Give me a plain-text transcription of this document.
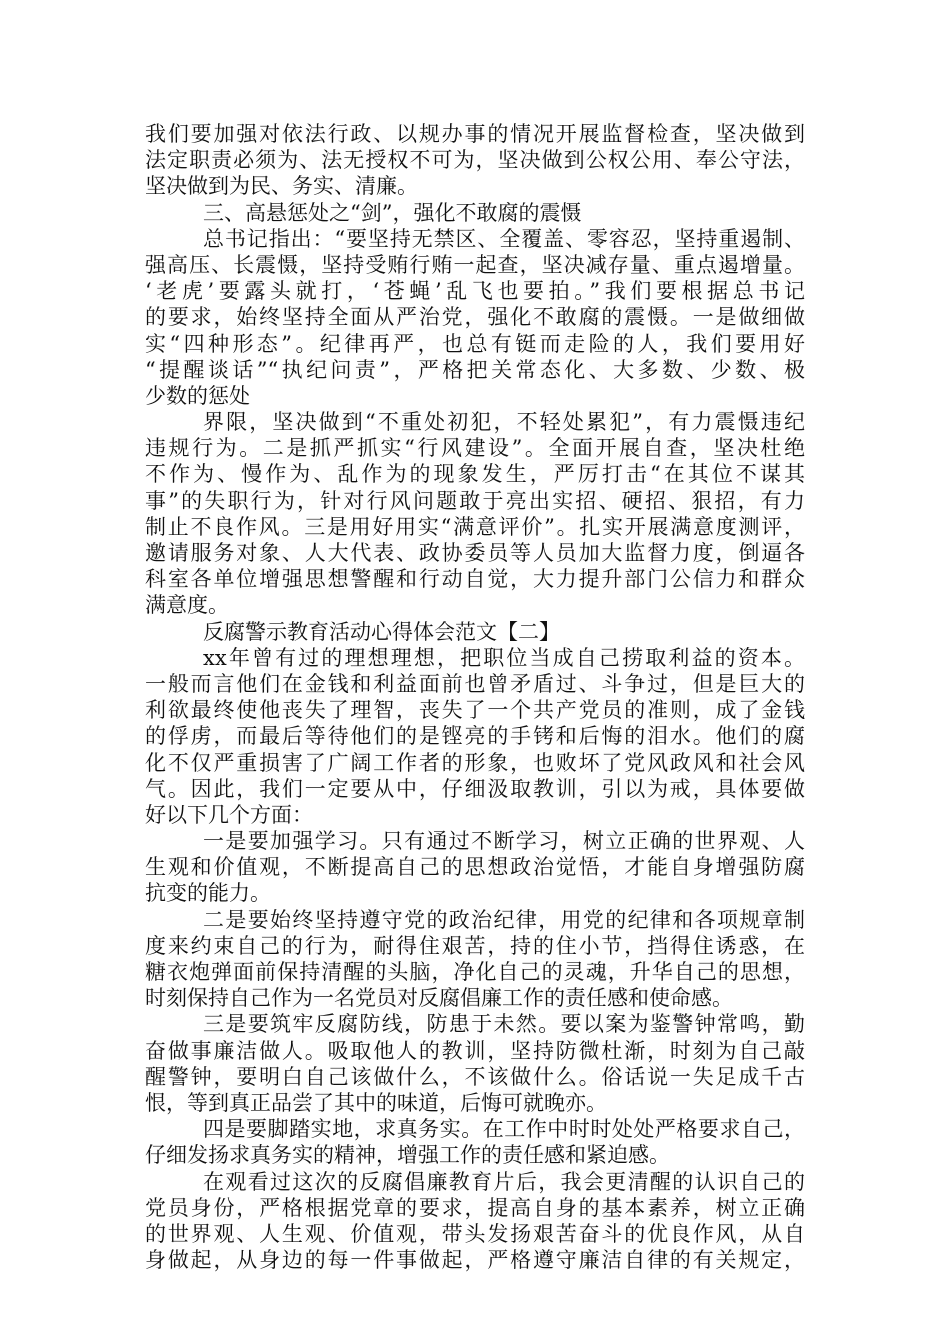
我们要加强对依法行政、以规办事的情况开展监督检查，坚决做到
法定职责必须为、法无授权不可为，坚决做到公权公用、奉公守法，
坚决做到为民、务实、清廉。
三、高悬惩处之“剑”，强化不敢腐的震慑
总书记指出：“要坚持无禁区、全覆盖、零容忍，坚持重遏制、
强高压、长震慑，坚持受贿行贿一起查，坚决减存量、重点遏增量。
‘老虎’要露头就打，‘苍蝇’乱飞也要拍。”我们要根据总书记
的要求，始终坚持全面从严治党，强化不敢腐的震慑。一是做细做
实“四种形态”。纪律再严，也总有铤而走险的人，我们要用好
“提醒谈话”“执纪问责”，严格把关常态化、大多数、少数、极
少数的惩处
界限，坚决做到“不重处初犯，不轻处累犯”，有力震慑违纪
违规行为。二是抓严抓实“行风建设”。全面开展自查，坚决杜绝
不作为、慢作为、乱作为的现象发生，严厉打击“在其位不谋其
事”的失职行为，针对行风问题敢于亮出实招、硬招、狠招，有力
制止不良作风。三是用好用实“满意评价”。扎实开展满意度测评，
邀请服务对象、人大代表、政协委员等人员加大监督力度，倒逼各
科室各单位增强思想警醒和行动自觉，大力提升部门公信力和群众
满意度。
反腐警示教育活动心得体会范文【二】
xx年曾有过的理想理想，把职位当成自己捞取利益的资本。
一般而言他们在金钱和利益面前也曾矛盾过、斗争过，但是巨大的
利欲最终使他丧失了理智，丧失了一个共产党员的准则，成了金钱
的俘虏，而最后等待他们的是铿亮的手铐和后悔的泪水。他们的腐
化不仅严重损害了广阔工作者的形象，也败坏了党风政风和社会风
气。因此，我们一定要从中，仔细汲取教训，引以为戒，具体要做
好以下几个方面：
一是要加强学习。只有通过不断学习，树立正确的世界观、人
生观和价值观，不断提高自己的思想政治觉悟，才能自身增强防腐
抗变的能力。
二是要始终坚持遵守党的政治纪律，用党的纪律和各项规章制
度来约束自己的行为，耐得住艰苦，持的住小节，挡得住诱惑，在
糖衣炮弹面前保持清醒的头脑，净化自己的灵魂，升华自己的思想，
时刻保持自己作为一名党员对反腐倡廉工作的责任感和使命感。
三是要筑牢反腐防线，防患于未然。要以案为鉴警钟常鸣，勤
奋做事廉洁做人。吸取他人的教训，坚持防微杜渐，时刻为自己敲
醒警钟，要明白自己该做什么，不该做什么。俗话说一失足成千古
恨，等到真正品尝了其中的味道，后悔可就晚亦。
四是要脚踏实地，求真务实。在工作中时时处处严格要求自己，
仔细发扬求真务实的精神，增强工作的责任感和紧迫感。
在观看过这次的反腐倡廉教育片后，我会更清醒的认识自己的
党员身份，严格根据党章的要求，提高自身的基本素养，树立正确
的世界观、人生观、价值观，带头发扬艰苦奋斗的优良作风，从自
身做起，从身边的每一件事做起，严格遵守廉洁自律的有关规定，
